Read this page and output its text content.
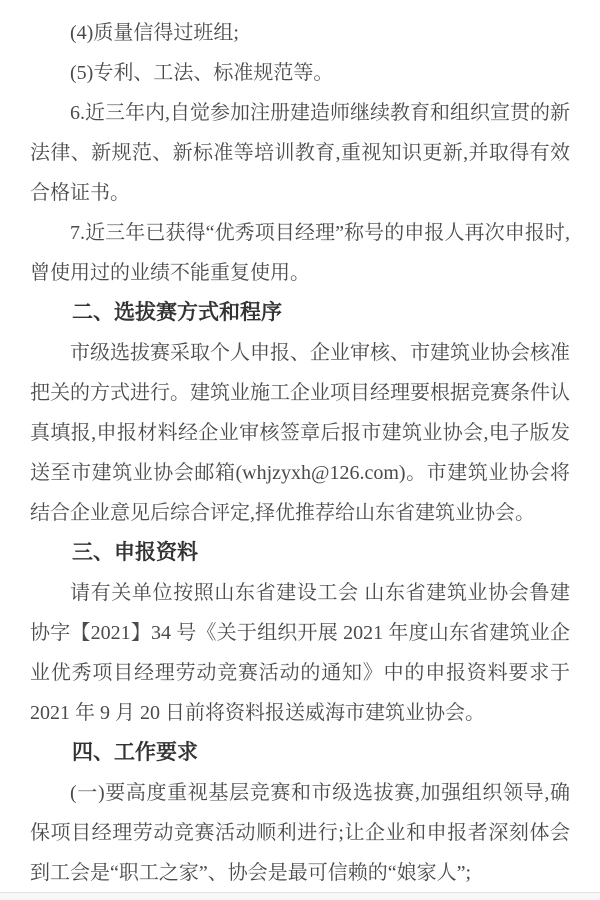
(4)质量信得过班组;

(5)专利、工法、标准规范等。

6.近三年内,自觉参加注册建造师继续教育和组织宣贯的新法律、新规范、新标准等培训教育,重视知识更新,并取得有效合格证书。

7.近三年已获得“优秀项目经理”称号的申报人再次申报时,曾使用过的业绩不能重复使用。

二、选拔赛方式和程序

市级选拔赛采取个人申报、企业审核、市建筑业协会核准把关的方式进行。建筑业施工企业项目经理要根据竞赛条件认真填报,申报材料经企业审核签章后报市建筑业协会,电子版发送至市建筑业协会邮箱(whjzyxh@126.com)。市建筑业协会将结合企业意见后综合评定,择优推荐给山东省建筑业协会。

三、申报资料

请有关单位按照山东省建设工会 山东省建筑业协会鲁建协字【2021】34 号《关于组织开展 2021 年度山东省建筑业企业优秀项目经理劳动竞赛活动的通知》中的申报资料要求于 2021 年 9 月 20 日前将资料报送威海市建筑业协会。

四、工作要求

(一)要高度重视基层竞赛和市级选拔赛,加强组织领导,确保项目经理劳动竞赛活动顺利进行;让企业和申报者深刻体会到工会是“职工之家”、协会是最可信赖的“娘家人”;
